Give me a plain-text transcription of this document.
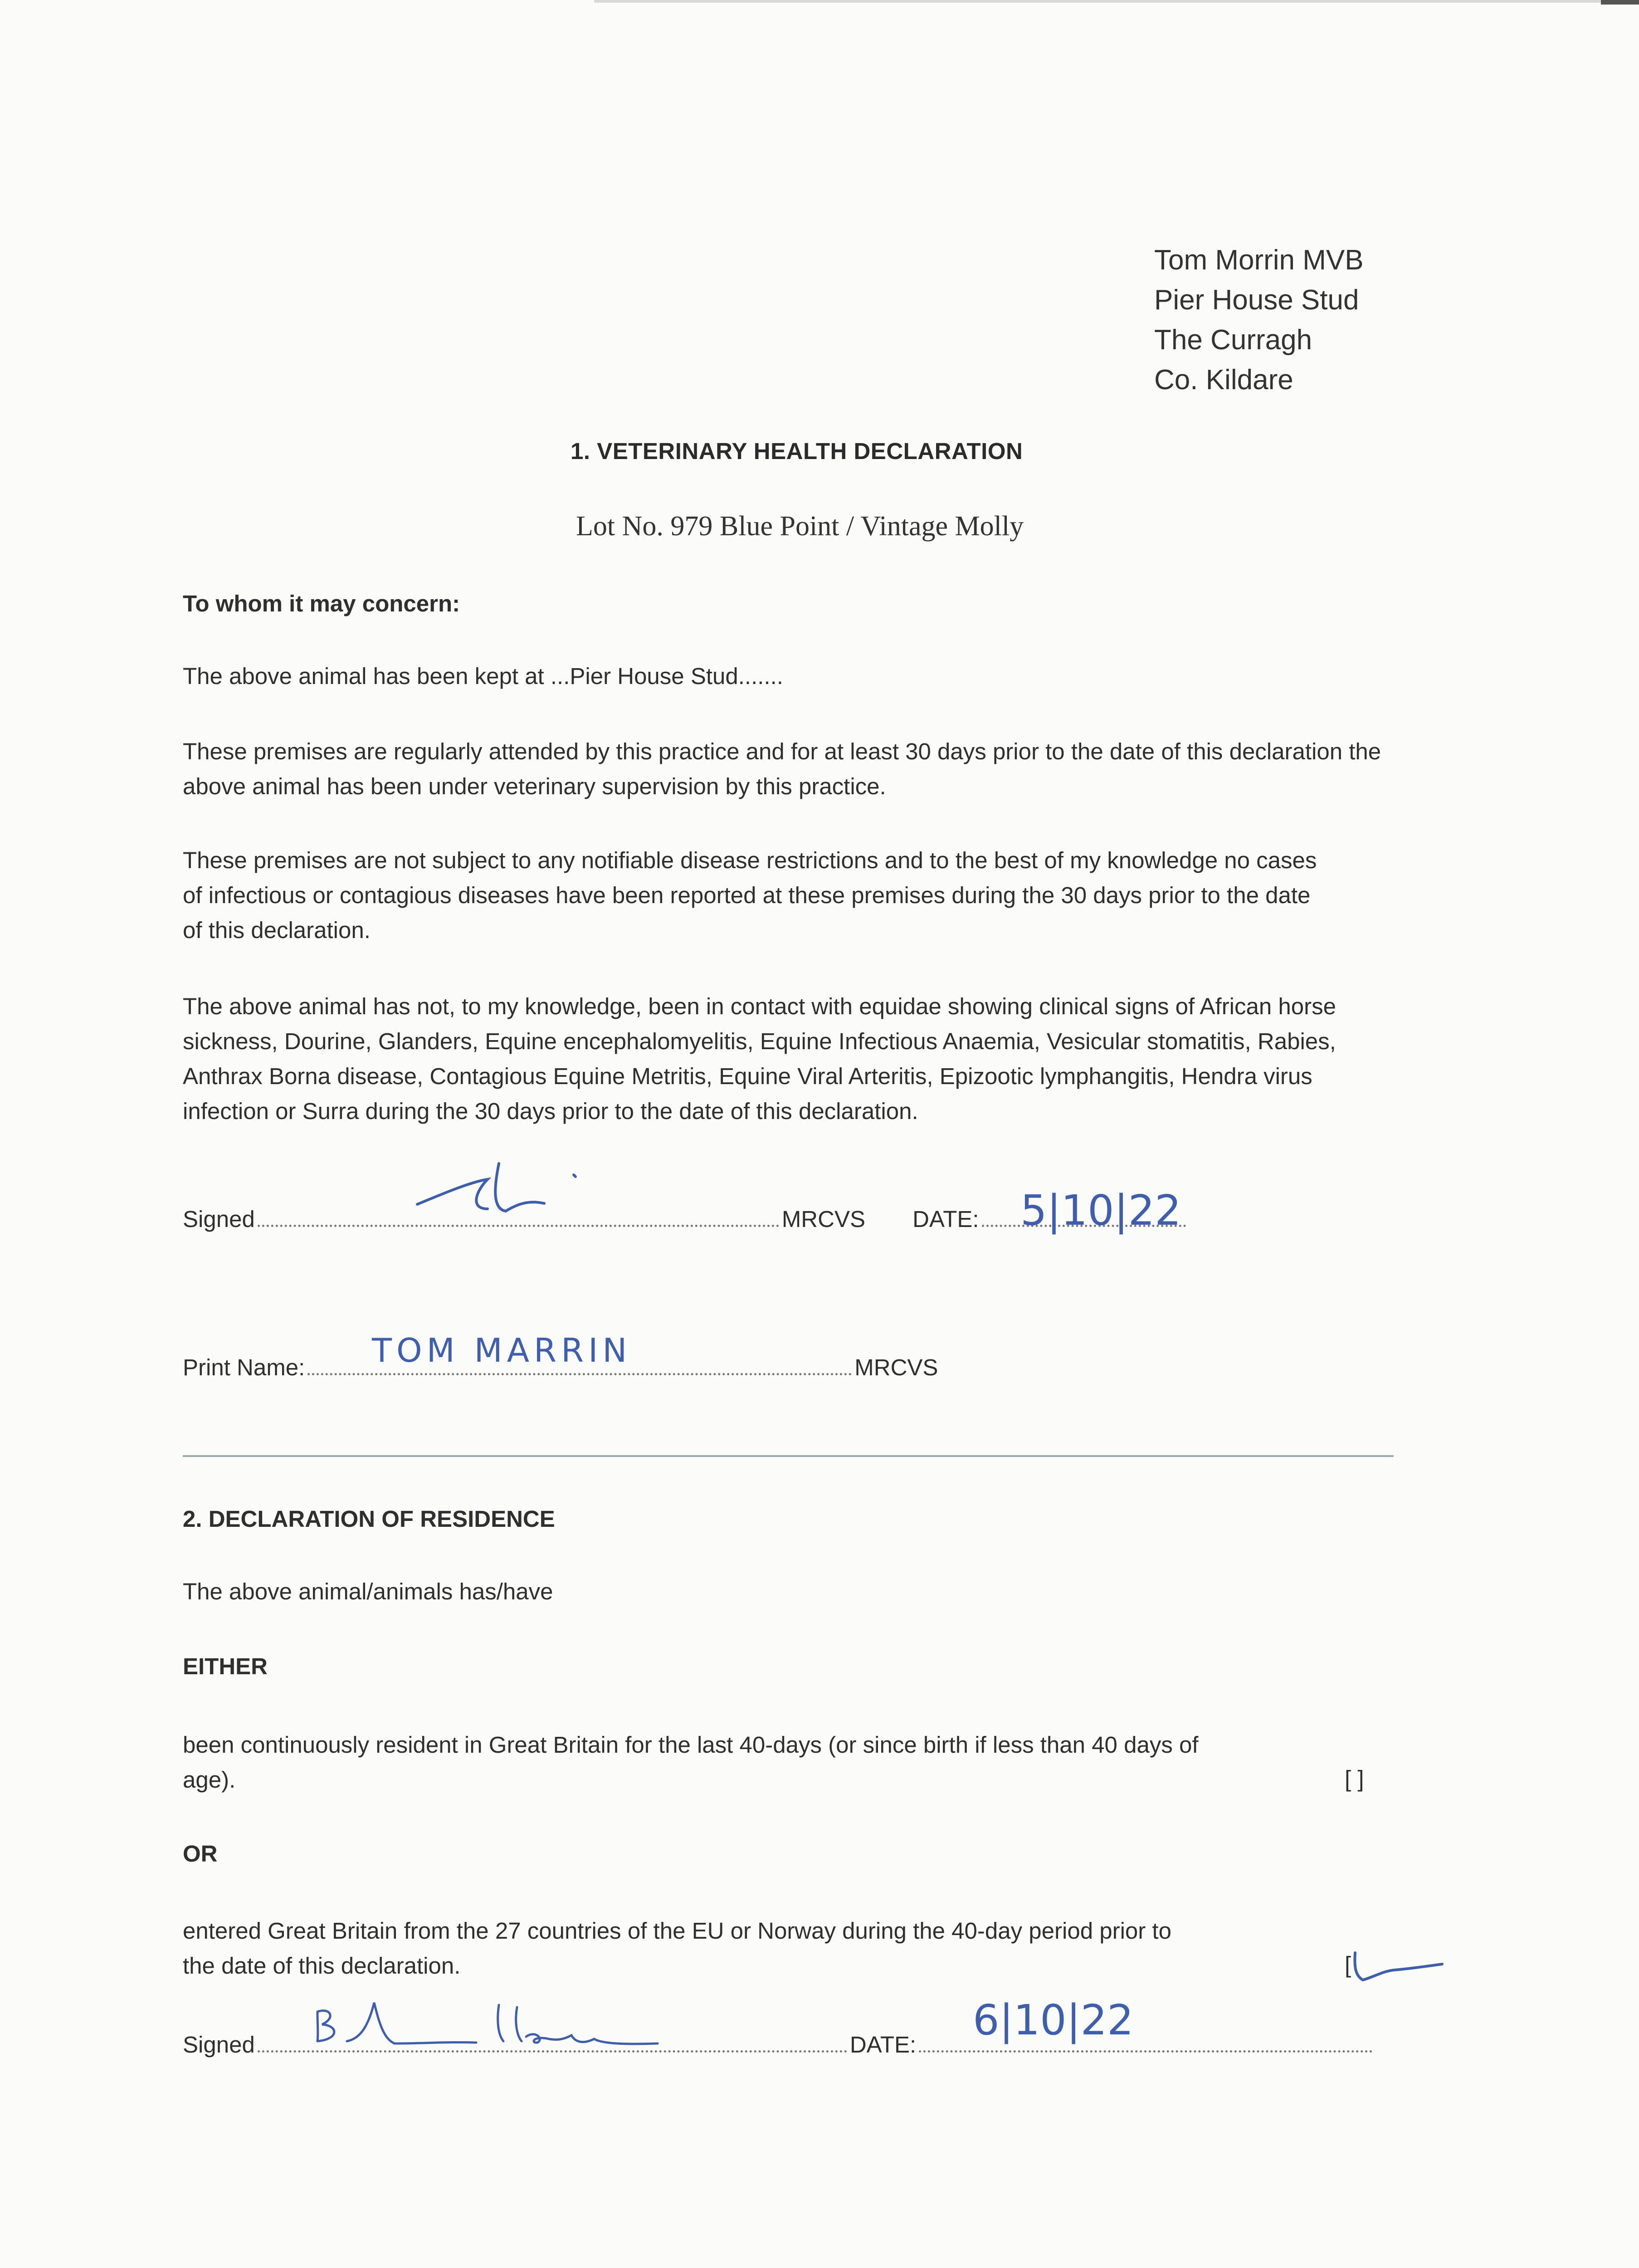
Tom Morrin MVB
Pier House Stud
The Curragh
Co. Kildare
1. VETERINARY HEALTH DECLARATION
Lot No. 979 Blue Point / Vintage Molly
To whom it may concern:
The above animal has been kept at ...Pier House Stud.......
These premises are regularly attended by this practice and for at least 30 days prior to the date of this declaration the above animal has been under veterinary supervision by this practice.
These premises are not subject to any notifiable disease restrictions and to the best of my knowledge no cases of infectious or contagious diseases have been reported at these premises during the 30 days prior to the date of this declaration.
The above animal has not, to my knowledge, been in contact with equidae showing clinical signs of African horse sickness, Dourine, Glanders, Equine encephalomyelitis, Equine Infectious Anaemia, Vesicular stomatitis, Rabies, Anthrax Borna disease, Contagious Equine Metritis, Equine Viral Arteritis, Epizootic lymphangitis, Hendra virus infection or Surra during the 30 days prior to the date of this declaration.
Signed	MRCVS DATE: 5|10|22
Print Name:	MRCVS
TOM MARRIN
2. DECLARATION OF RESIDENCE
The above animal/animals has/have
EITHER
been continuously resident in Great Britain for the last 40-days (or since birth if less than 40 days of
age).	[ ]
OR
entered Great Britain from the 27 countries of the EU or Norway during the 40-day period prior to
the date of this declaration.	[
Signed	DATE:
6|10|22
